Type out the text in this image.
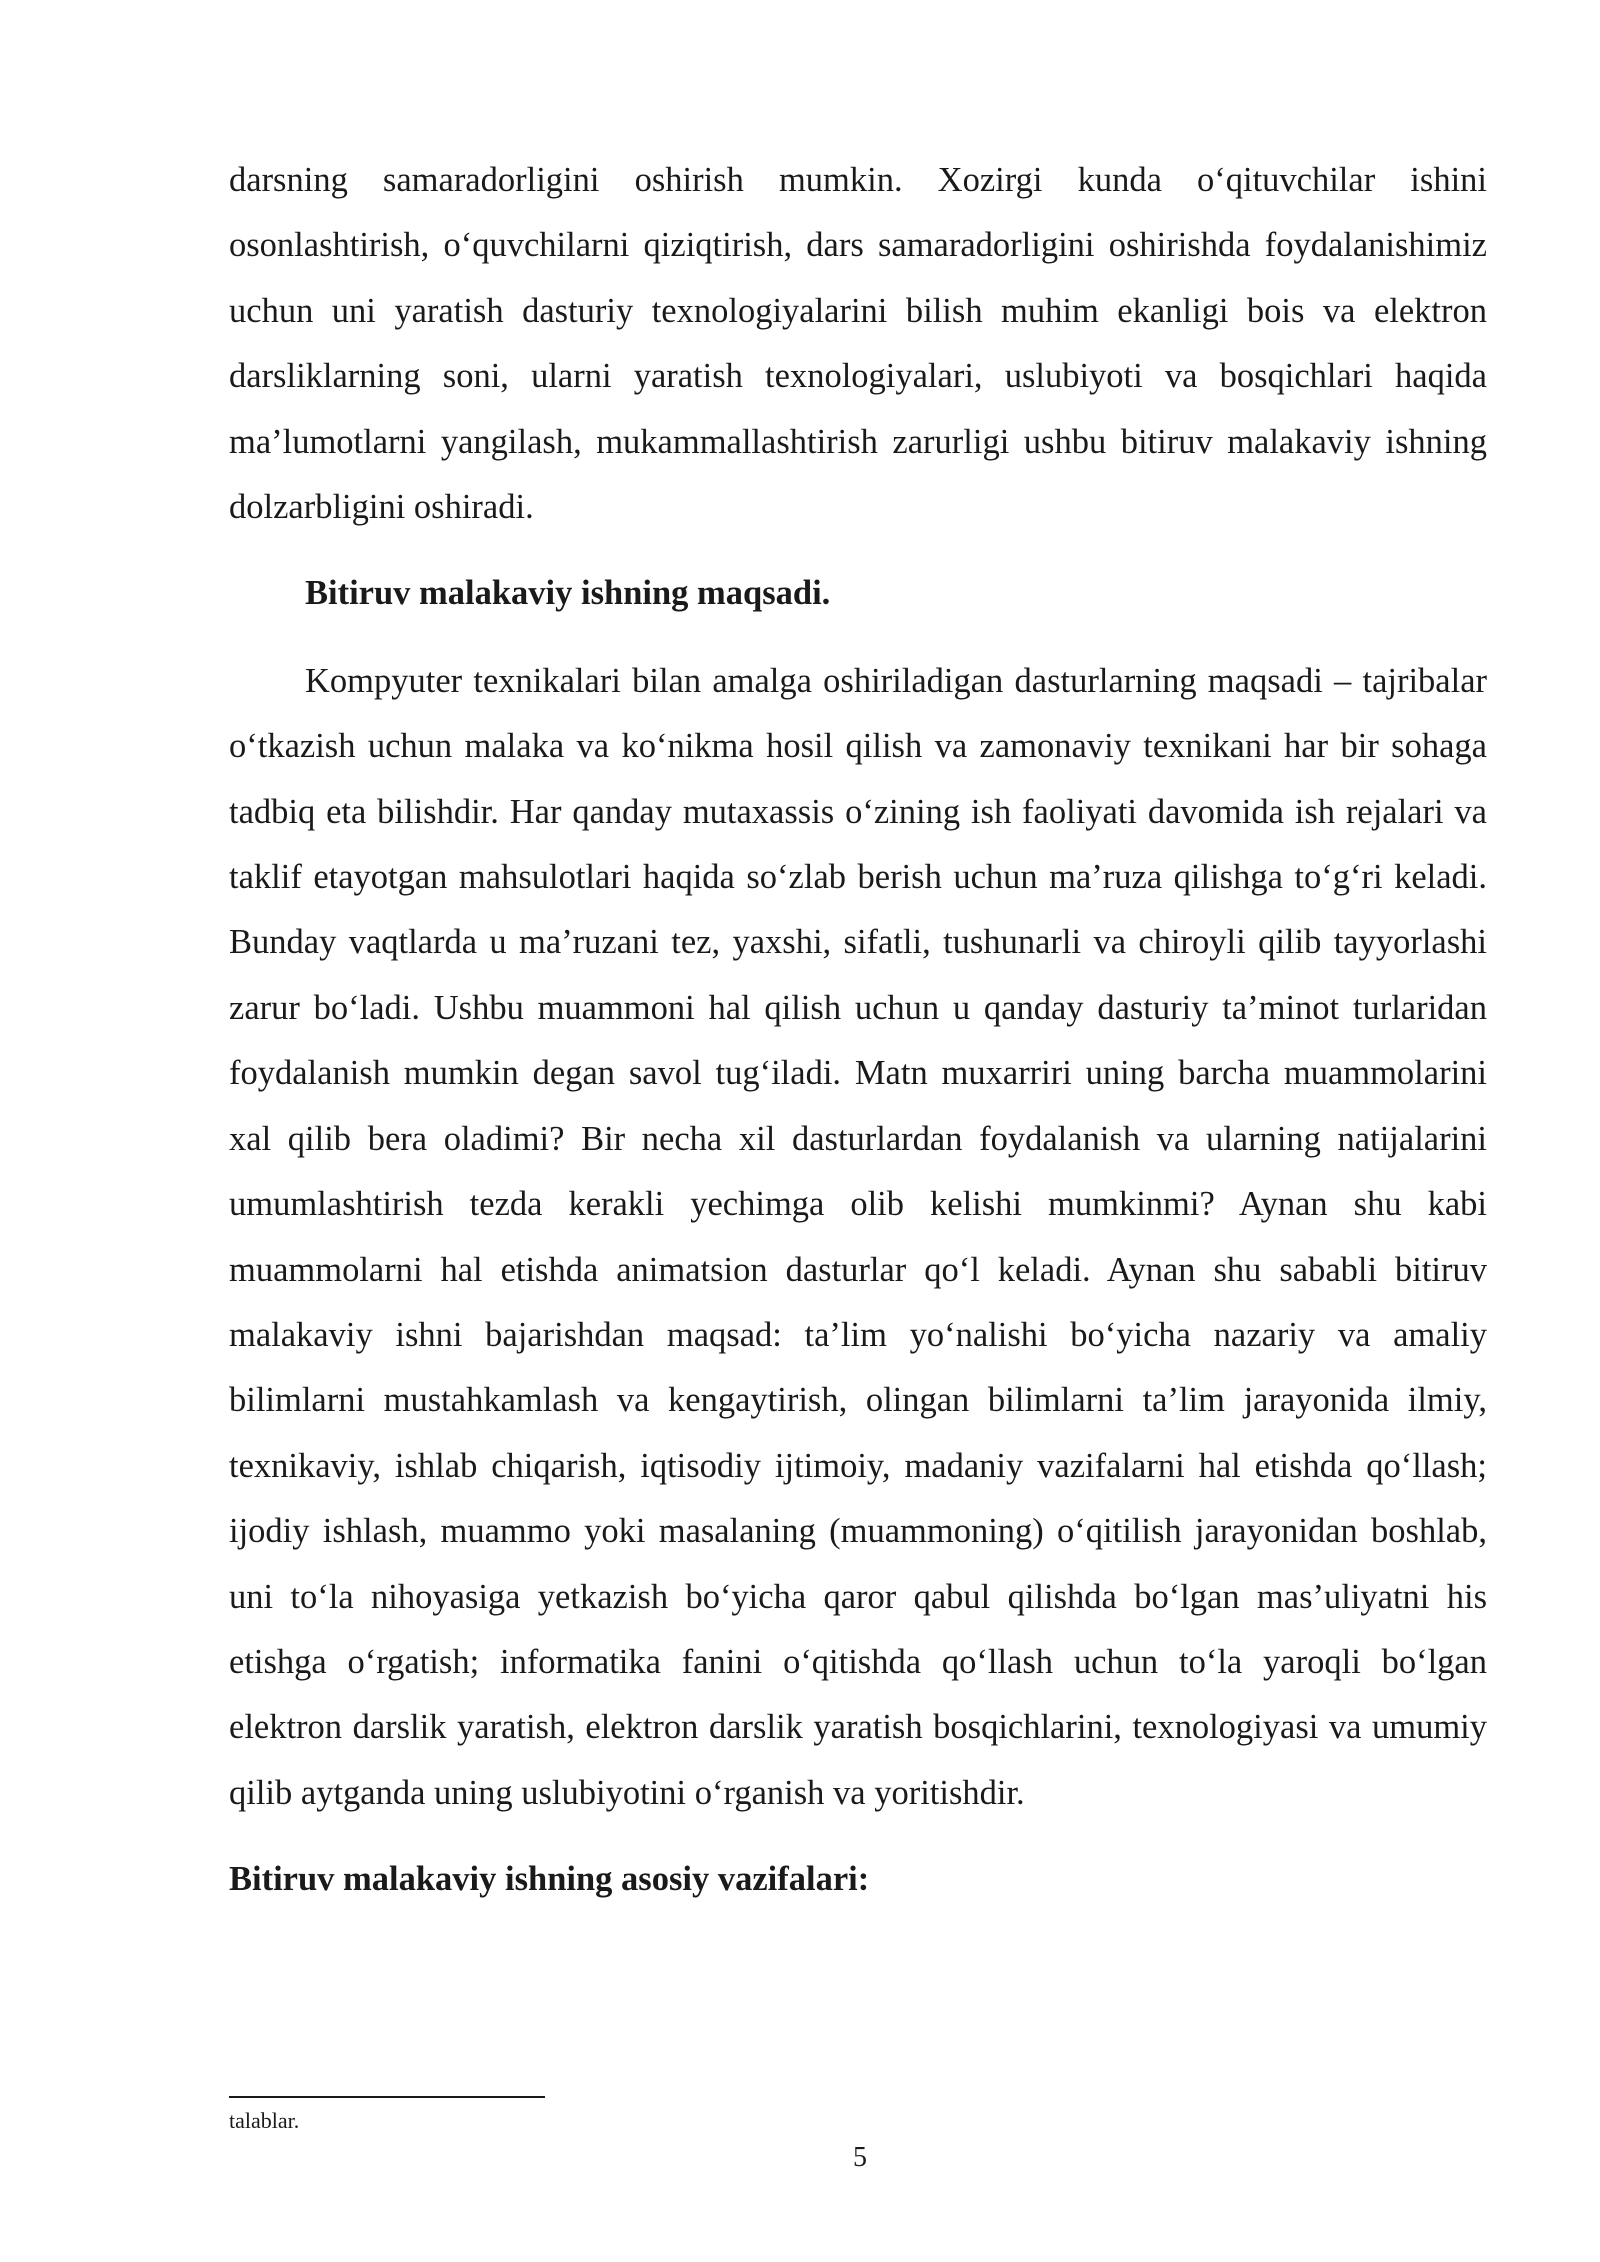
darsning samaradorligini oshirish mumkin. Xozirgi kunda o‘qituvchilar ishini osonlashtirish, o‘quvchilarni qiziqtirish, dars samaradorligini oshirishda foydalanishimiz uchun uni yaratish dasturiy texnologiyalarini bilish muhim ekanligi bois va elektron darsliklarning soni, ularni yaratish texnologiyalari, uslubiyoti va bosqichlari haqida ma’lumotlarni yangilash, mukammallashtirish zarurligi ushbu bitiruv malakaviy ishning dolzarbligini oshiradi.

Bitiruv malakaviy ishning maqsadi.

Kompyuter texnikalari bilan amalga oshiriladigan dasturlarning maqsadi – tajribalar o‘tkazish uchun malaka va ko‘nikma hosil qilish va zamonaviy texnikani har bir sohaga tadbiq eta bilishdir. Har qanday mutaxassis o‘zining ish faoliyati davomida ish rejalari va taklif etayotgan mahsulotlari haqida so‘zlab berish uchun ma’ruza qilishga to‘g‘ri keladi. Bunday vaqtlarda u ma’ruzani tez, yaxshi, sifatli, tushunarli va chiroyli qilib tayyorlashi zarur bo‘ladi. Ushbu muammoni hal qilish uchun u qanday dasturiy ta’minot turlaridan foydalanish mumkin degan savol tug‘iladi. Matn muxarriri uning barcha muammolarini xal qilib bera oladimi? Bir necha xil dasturlardan foydalanish va ularning natijalarini umumlashtirish tezda kerakli yechimga olib kelishi mumkinmi? Aynan shu kabi muammolarni hal etishda animatsion dasturlar qo‘l keladi. Aynan shu sababli bitiruv malakaviy ishni bajarishdan maqsad: ta’lim yo‘nalishi bo‘yicha nazariy va amaliy bilimlarni mustahkamlash va kengaytirish, olingan bilimlarni ta’lim jarayonida ilmiy, texnikaviy, ishlab chiqarish, iqtisodiy ijtimoiy, madaniy vazifalarni hal etishda qo‘llash; ijodiy ishlash, muammo yoki masalaning (muammoning) o‘qitilish jarayonidan boshlab, uni to‘la nihoyasiga yetkazish bo‘yicha qaror qabul qilishda bo‘lgan mas’uliyatni his etishga o‘rgatish; informatika fanini o‘qitishda qo‘llash uchun to‘la yaroqli bo‘lgan elektron darslik yaratish, elektron darslik yaratish bosqichlarini, texnologiyasi va umumiy qilib aytganda uning uslubiyotini o‘rganish va yoritishdir.

Bitiruv malakaviy ishning asosiy vazifalari:

talablar.
5
